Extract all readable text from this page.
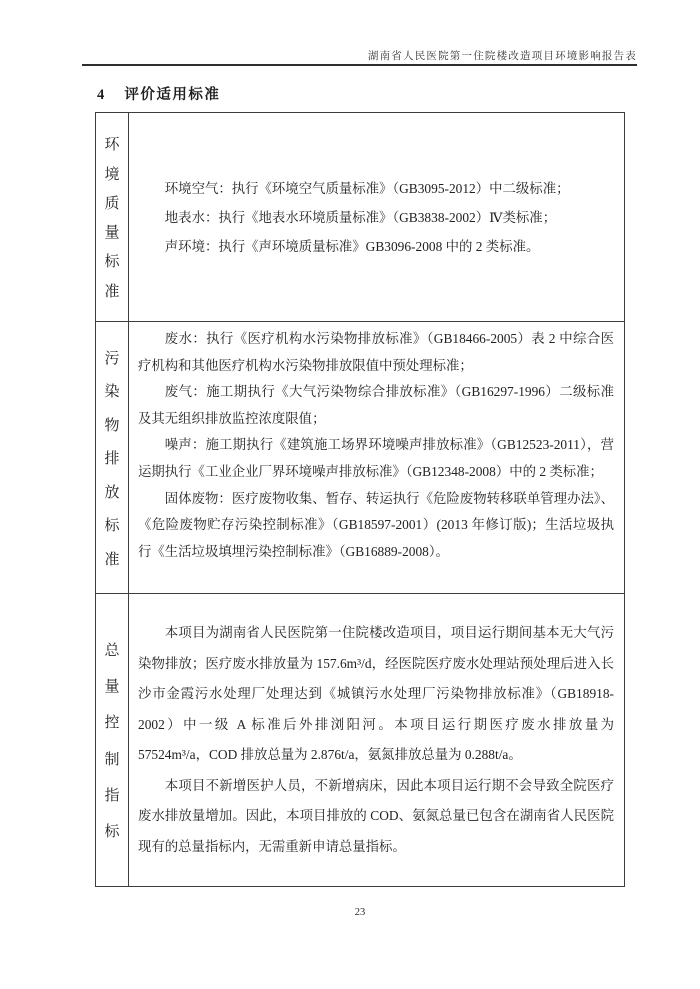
湖南省人民医院第一住院楼改造项目环境影响报告表
4 评价适用标准
环
境
质
量
标
准

环境空气：执行《环境空气质量标准》（GB3095-2012）中二级标准；

地表水：执行《地表水环境质量标准》（GB3838-2002）Ⅳ类标准；

声环境：执行《声环境质量标准》GB3096-2008 中的 2 类标准。

污
染
物
排
放
标
准

废水：执行《医疗机构水污染物排放标准》（GB18466-2005）表 2 中综合医疗机构和其他医疗机构水污染物排放限值中预处理标准；

废气：施工期执行《大气污染物综合排放标准》（GB16297-1996）二级标准及其无组织排放监控浓度限值；

噪声：施工期执行《建筑施工场界环境噪声排放标准》（GB12523-2011），营运期执行《工业企业厂界环境噪声排放标准》（GB12348-2008）中的 2 类标准；

固体废物：医疗废物收集、暂存、转运执行《危险废物转移联单管理办法》、《危险废物贮存污染控制标准》（GB18597-2001）(2013 年修订版)；生活垃圾执行《生活垃圾填埋污染控制标准》（GB16889-2008）。

总
量
控
制
指
标

本项目为湖南省人民医院第一住院楼改造项目，项目运行期间基本无大气污染物排放；医疗废水排放量为 157.6m³/d，经医院医疗废水处理站预处理后进入长沙市金霞污水处理厂处理达到《城镇污水处理厂污染物排放标准》（GB18918-2002）中一级 A 标准后外排浏阳河。本项目运行期医疗废水排放量为 57524m³/a，COD 排放总量为 2.876t/a，氨氮排放总量为 0.288t/a。

本项目不新增医护人员，不新增病床，因此本项目运行期不会导致全院医疗废水排放量增加。因此，本项目排放的 COD、氨氮总量已包含在湖南省人民医院现有的总量指标内，无需重新申请总量指标。

23
